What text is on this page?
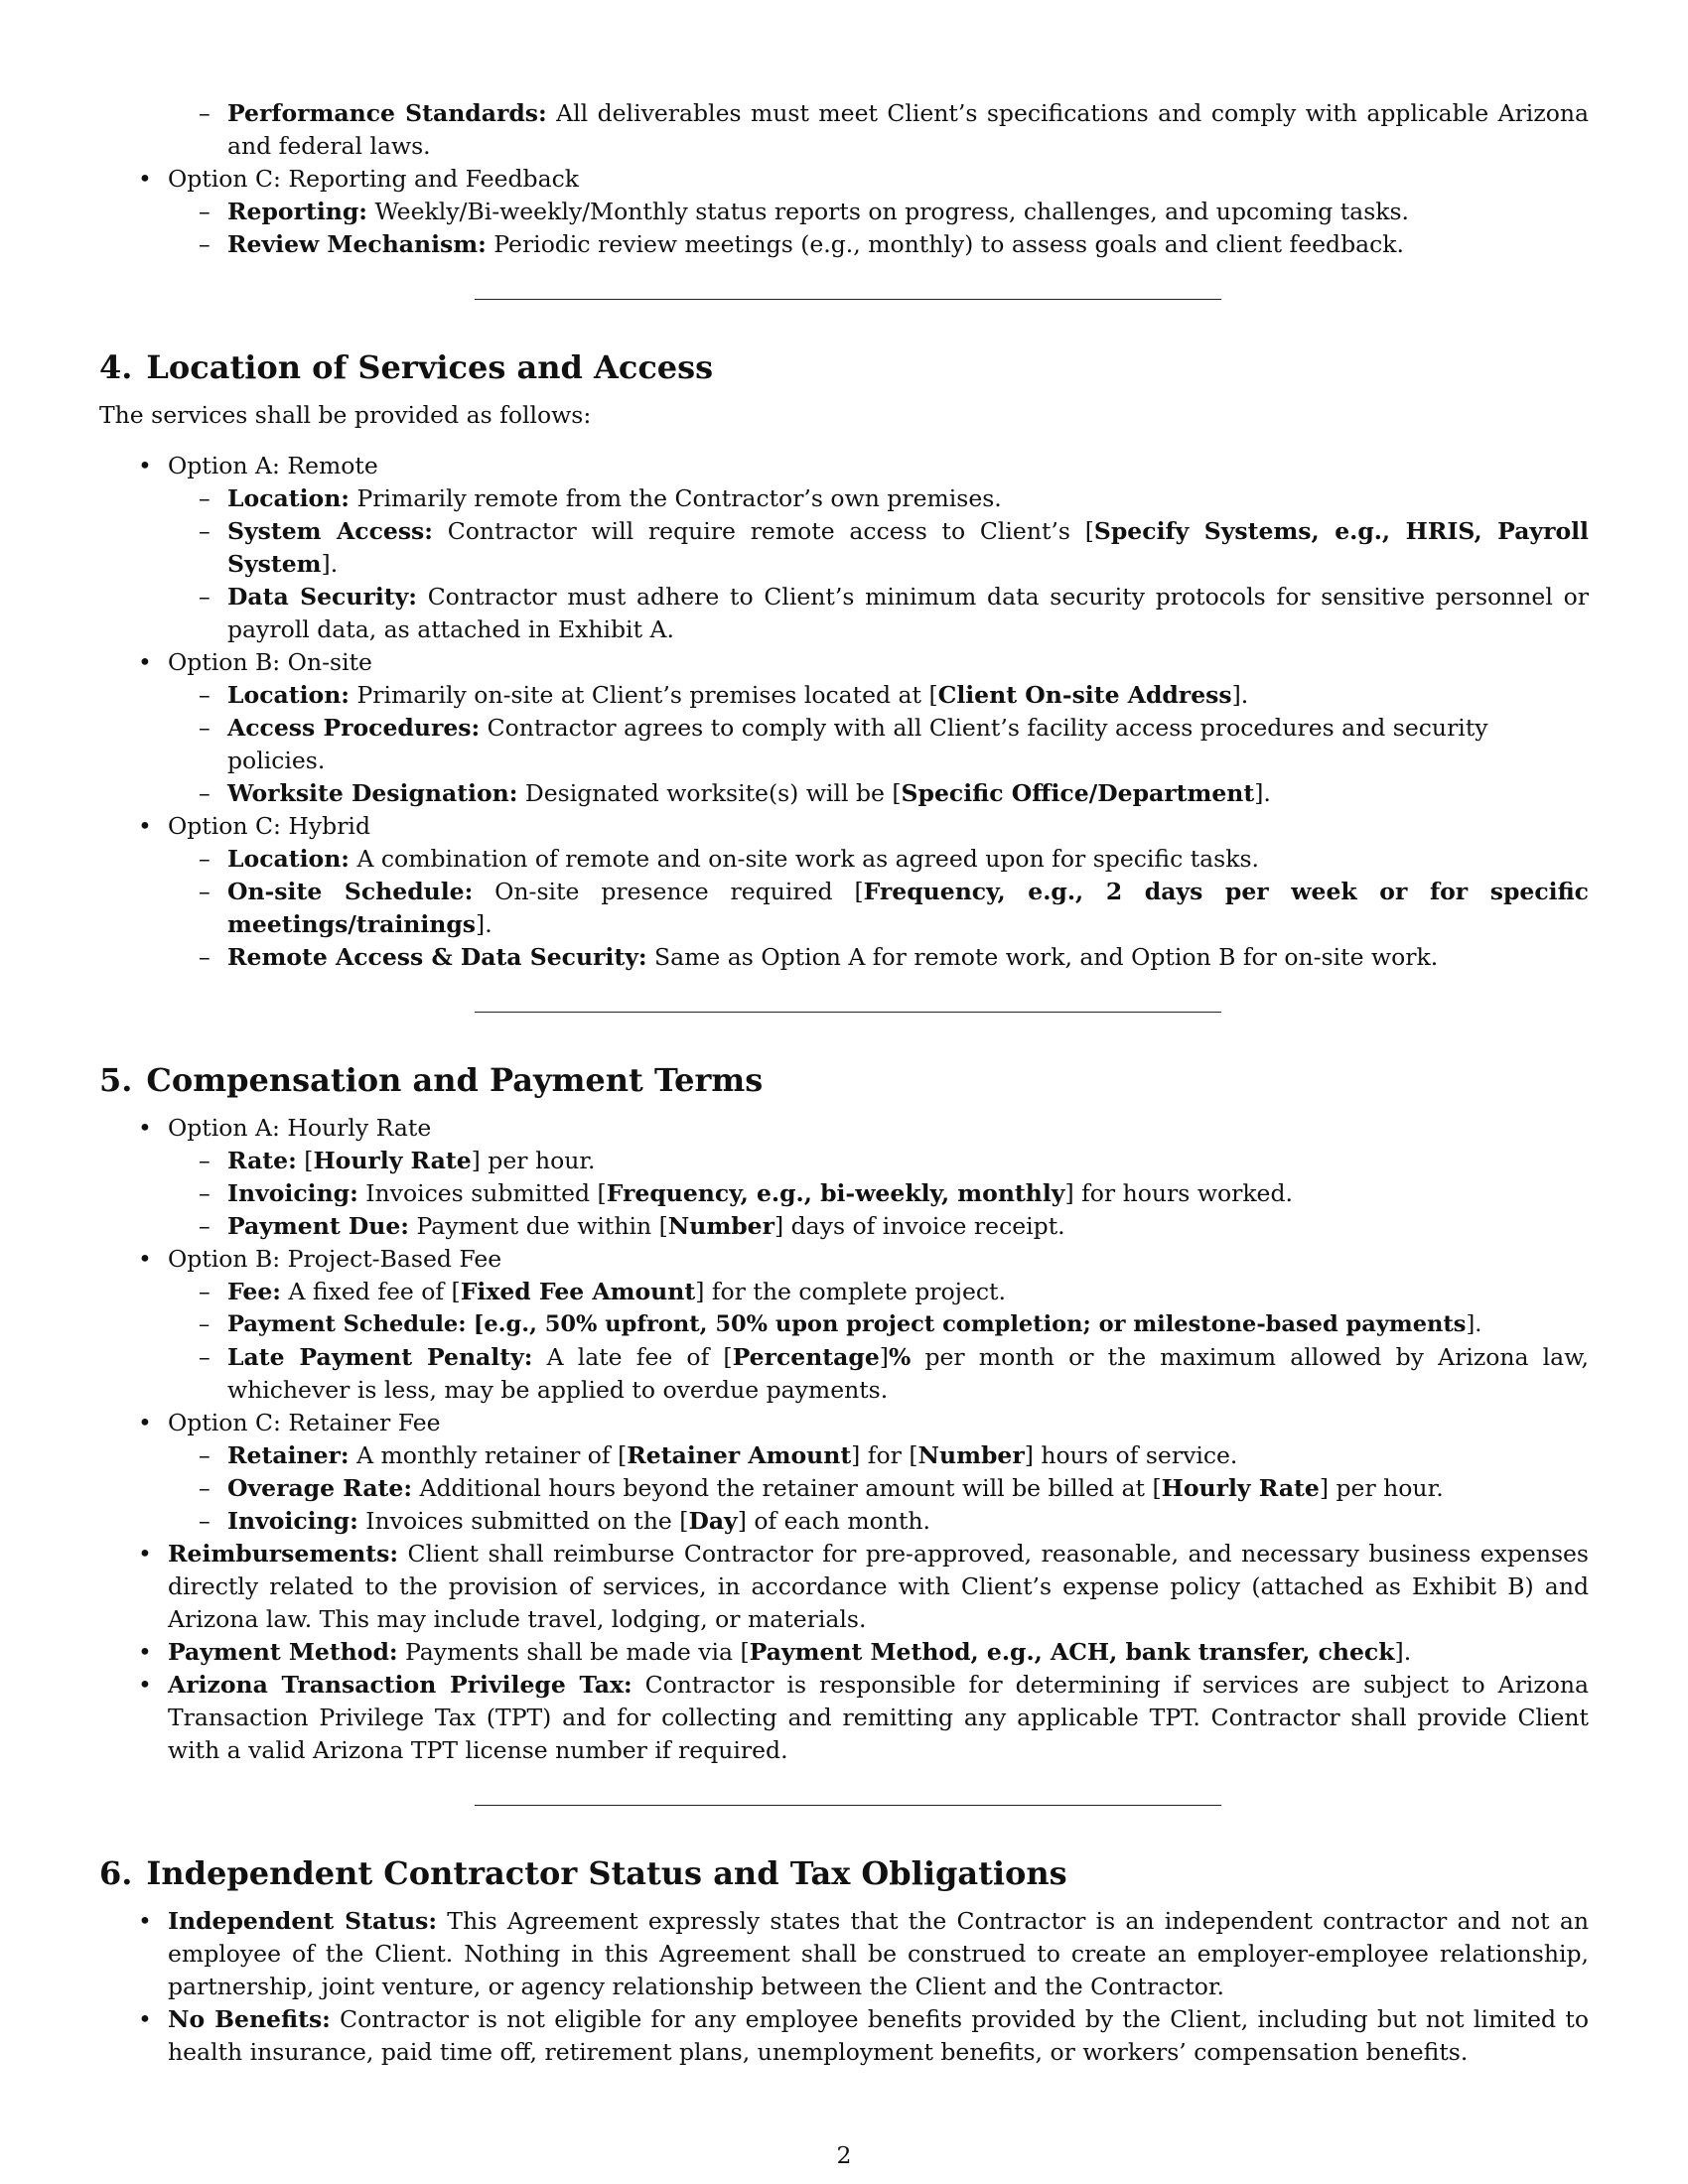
– Performance Standards: All deliverables must meet Client’s specifications and comply with applicable Arizona and federal laws.
• Option C: Reporting and Feedback
– Reporting: Weekly/Bi-weekly/Monthly status reports on progress, challenges, and upcoming tasks.
– Review Mechanism: Periodic review meetings (e.g., monthly) to assess goals and client feedback.
4. Location of Services and Access

The services shall be provided as follows:

• Option A: Remote
– Location: Primarily remote from the Contractor’s own premises.
– System Access: Contractor will require remote access to Client’s [Specify Systems, e.g., HRIS, Payroll System].
– Data Security: Contractor must adhere to Client’s minimum data security protocols for sensitive personnel or payroll data, as attached in Exhibit A.
• Option B: On-site
– Location: Primarily on-site at Client’s premises located at [Client On-site Address].
– Access Procedures: Contractor agrees to comply with all Client’s facility access procedures and security policies.
– Worksite Designation: Designated worksite(s) will be [Specific Office/Department].
• Option C: Hybrid
– Location: A combination of remote and on-site work as agreed upon for specific tasks.
– On-site Schedule: On-site presence required [Frequency, e.g., 2 days per week or for specific meetings/trainings].
– Remote Access & Data Security: Same as Option A for remote work, and Option B for on-site work.
5. Compensation and Payment Terms
• Option A: Hourly Rate
– Rate: [Hourly Rate] per hour.
– Invoicing: Invoices submitted [Frequency, e.g., bi-weekly, monthly] for hours worked.
– Payment Due: Payment due within [Number] days of invoice receipt.
• Option B: Project-Based Fee
– Fee: A fixed fee of [Fixed Fee Amount] for the complete project.
– Payment Schedule: [e.g., 50% upfront, 50% upon project completion; or milestone-based payments].
– Late Payment Penalty: A late fee of [Percentage]% per month or the maximum allowed by Arizona law, whichever is less, may be applied to overdue payments.
• Option C: Retainer Fee
– Retainer: A monthly retainer of [Retainer Amount] for [Number] hours of service.
– Overage Rate: Additional hours beyond the retainer amount will be billed at [Hourly Rate] per hour.
– Invoicing: Invoices submitted on the [Day] of each month.
• Reimbursements: Client shall reimburse Contractor for pre-approved, reasonable, and necessary business expenses directly related to the provision of services, in accordance with Client’s expense policy (attached as Exhibit B) and Arizona law. This may include travel, lodging, or materials.
• Payment Method: Payments shall be made via [Payment Method, e.g., ACH, bank transfer, check].
• Arizona Transaction Privilege Tax: Contractor is responsible for determining if services are subject to Arizona Transaction Privilege Tax (TPT) and for collecting and remitting any applicable TPT. Contractor shall provide Client with a valid Arizona TPT license number if required.
6. Independent Contractor Status and Tax Obligations
• Independent Status: This Agreement expressly states that the Contractor is an independent contractor and not an employee of the Client. Nothing in this Agreement shall be construed to create an employer-employee relationship, partnership, joint venture, or agency relationship between the Client and the Contractor.
• No Benefits: Contractor is not eligible for any employee benefits provided by the Client, including but not limited to health insurance, paid time off, retirement plans, unemployment benefits, or workers’ compensation benefits.
2
